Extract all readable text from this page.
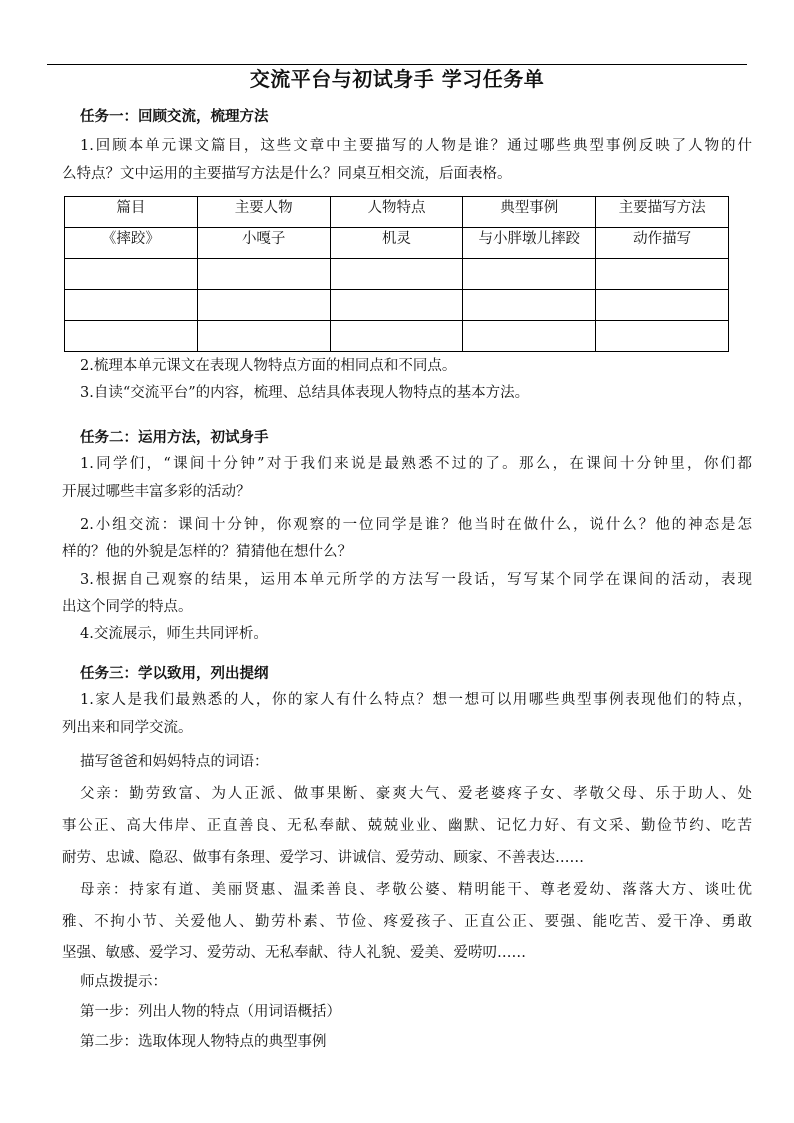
交流平台与初试身手 学习任务单
任务一：回顾交流，梳理方法
1.回顾本单元课文篇目，这些文章中主要描写的人物是谁？通过哪些典型事例反映了人物的什
么特点？文中运用的主要描写方法是什么？同桌互相交流，后面表格。
篇目	主要人物	人物特点	典型事例	主要描写方法
《摔跤》	小嘎子	机灵	与小胖墩儿摔跤	动作描写

2.梳理本单元课文在表现人物特点方面的相同点和不同点。
3.自读“交流平台”的内容，梳理、总结具体表现人物特点的基本方法。
任务二：运用方法，初试身手
1.同学们，“课间十分钟”对于我们来说是最熟悉不过的了。那么，在课间十分钟里，你们都
开展过哪些丰富多彩的活动？
2.小组交流：课间十分钟，你观察的一位同学是谁？他当时在做什么，说什么？他的神态是怎
样的？他的外貌是怎样的？猜猜他在想什么？
3.根据自己观察的结果，运用本单元所学的方法写一段话，写写某个同学在课间的活动，表现
出这个同学的特点。
4.交流展示，师生共同评析。
任务三：学以致用，列出提纲
1.家人是我们最熟悉的人，你的家人有什么特点？想一想可以用哪些典型事例表现他们的特点，
列出来和同学交流。
描写爸爸和妈妈特点的词语：
父亲：勤劳致富、为人正派、做事果断、豪爽大气、爱老婆疼子女、孝敬父母、乐于助人、处
事公正、高大伟岸、正直善良、无私奉献、兢兢业业、幽默、记忆力好、有文采、勤俭节约、吃苦
耐劳、忠诚、隐忍、做事有条理、爱学习、讲诚信、爱劳动、顾家、不善表达……
母亲：持家有道、美丽贤惠、温柔善良、孝敬公婆、精明能干、尊老爱幼、落落大方、谈吐优
雅、不拘小节、关爱他人、勤劳朴素、节俭、疼爱孩子、正直公正、要强、能吃苦、爱干净、勇敢
坚强、敏感、爱学习、爱劳动、无私奉献、待人礼貌、爱美、爱唠叨……
师点拨提示：
第一步：列出人物的特点（用词语概括）
第二步：选取体现人物特点的典型事例
